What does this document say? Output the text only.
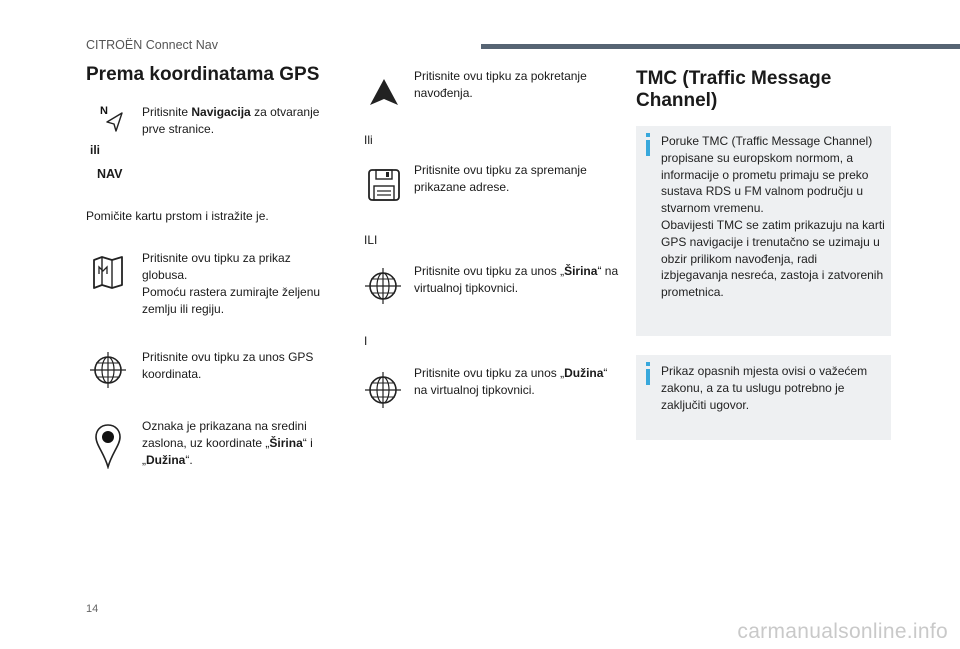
CITROËN Connect Nav
Prema koordinatama GPS
N	Pritisnite Navigacija za otvaranje prve stranice.
ili
NAV
Pomičite kartu prstom i istražite je.
Pritisnite ovu tipku za prikaz globusa.
Pomoću rastera zumirajte željenu zemlju ili regiju.
Pritisnite ovu tipku za unos GPS koordinata.
Oznaka je prikazana na sredini zaslona, uz koordinate „Širina“ i „Dužina“.
Pritisnite ovu tipku za pokretanje navođenja.
Ili
Pritisnite ovu tipku za spremanje prikazane adrese.
ILI
Pritisnite ovu tipku za unos „Širina“ na virtualnoj tipkovnici.
I
Pritisnite ovu tipku za unos „Dužina“ na virtualnoj tipkovnici.
TMC (Traffic Message Channel)
Poruke TMC (Traffic Message Channel) propisane su europskom normom, a informacije o prometu primaju se preko sustava RDS u FM valnom području u stvarnom vremenu.
Obavijesti TMC se zatim prikazuju na karti GPS navigacije i trenutačno se uzimaju u obzir prilikom navođenja, radi izbjegavanja nesreća, zastoja i zatvorenih prometnica.
Prikaz opasnih mjesta ovisi o važećem zakonu, a za tu uslugu potrebno je zaključiti ugovor.
14
carmanualsonline.info
